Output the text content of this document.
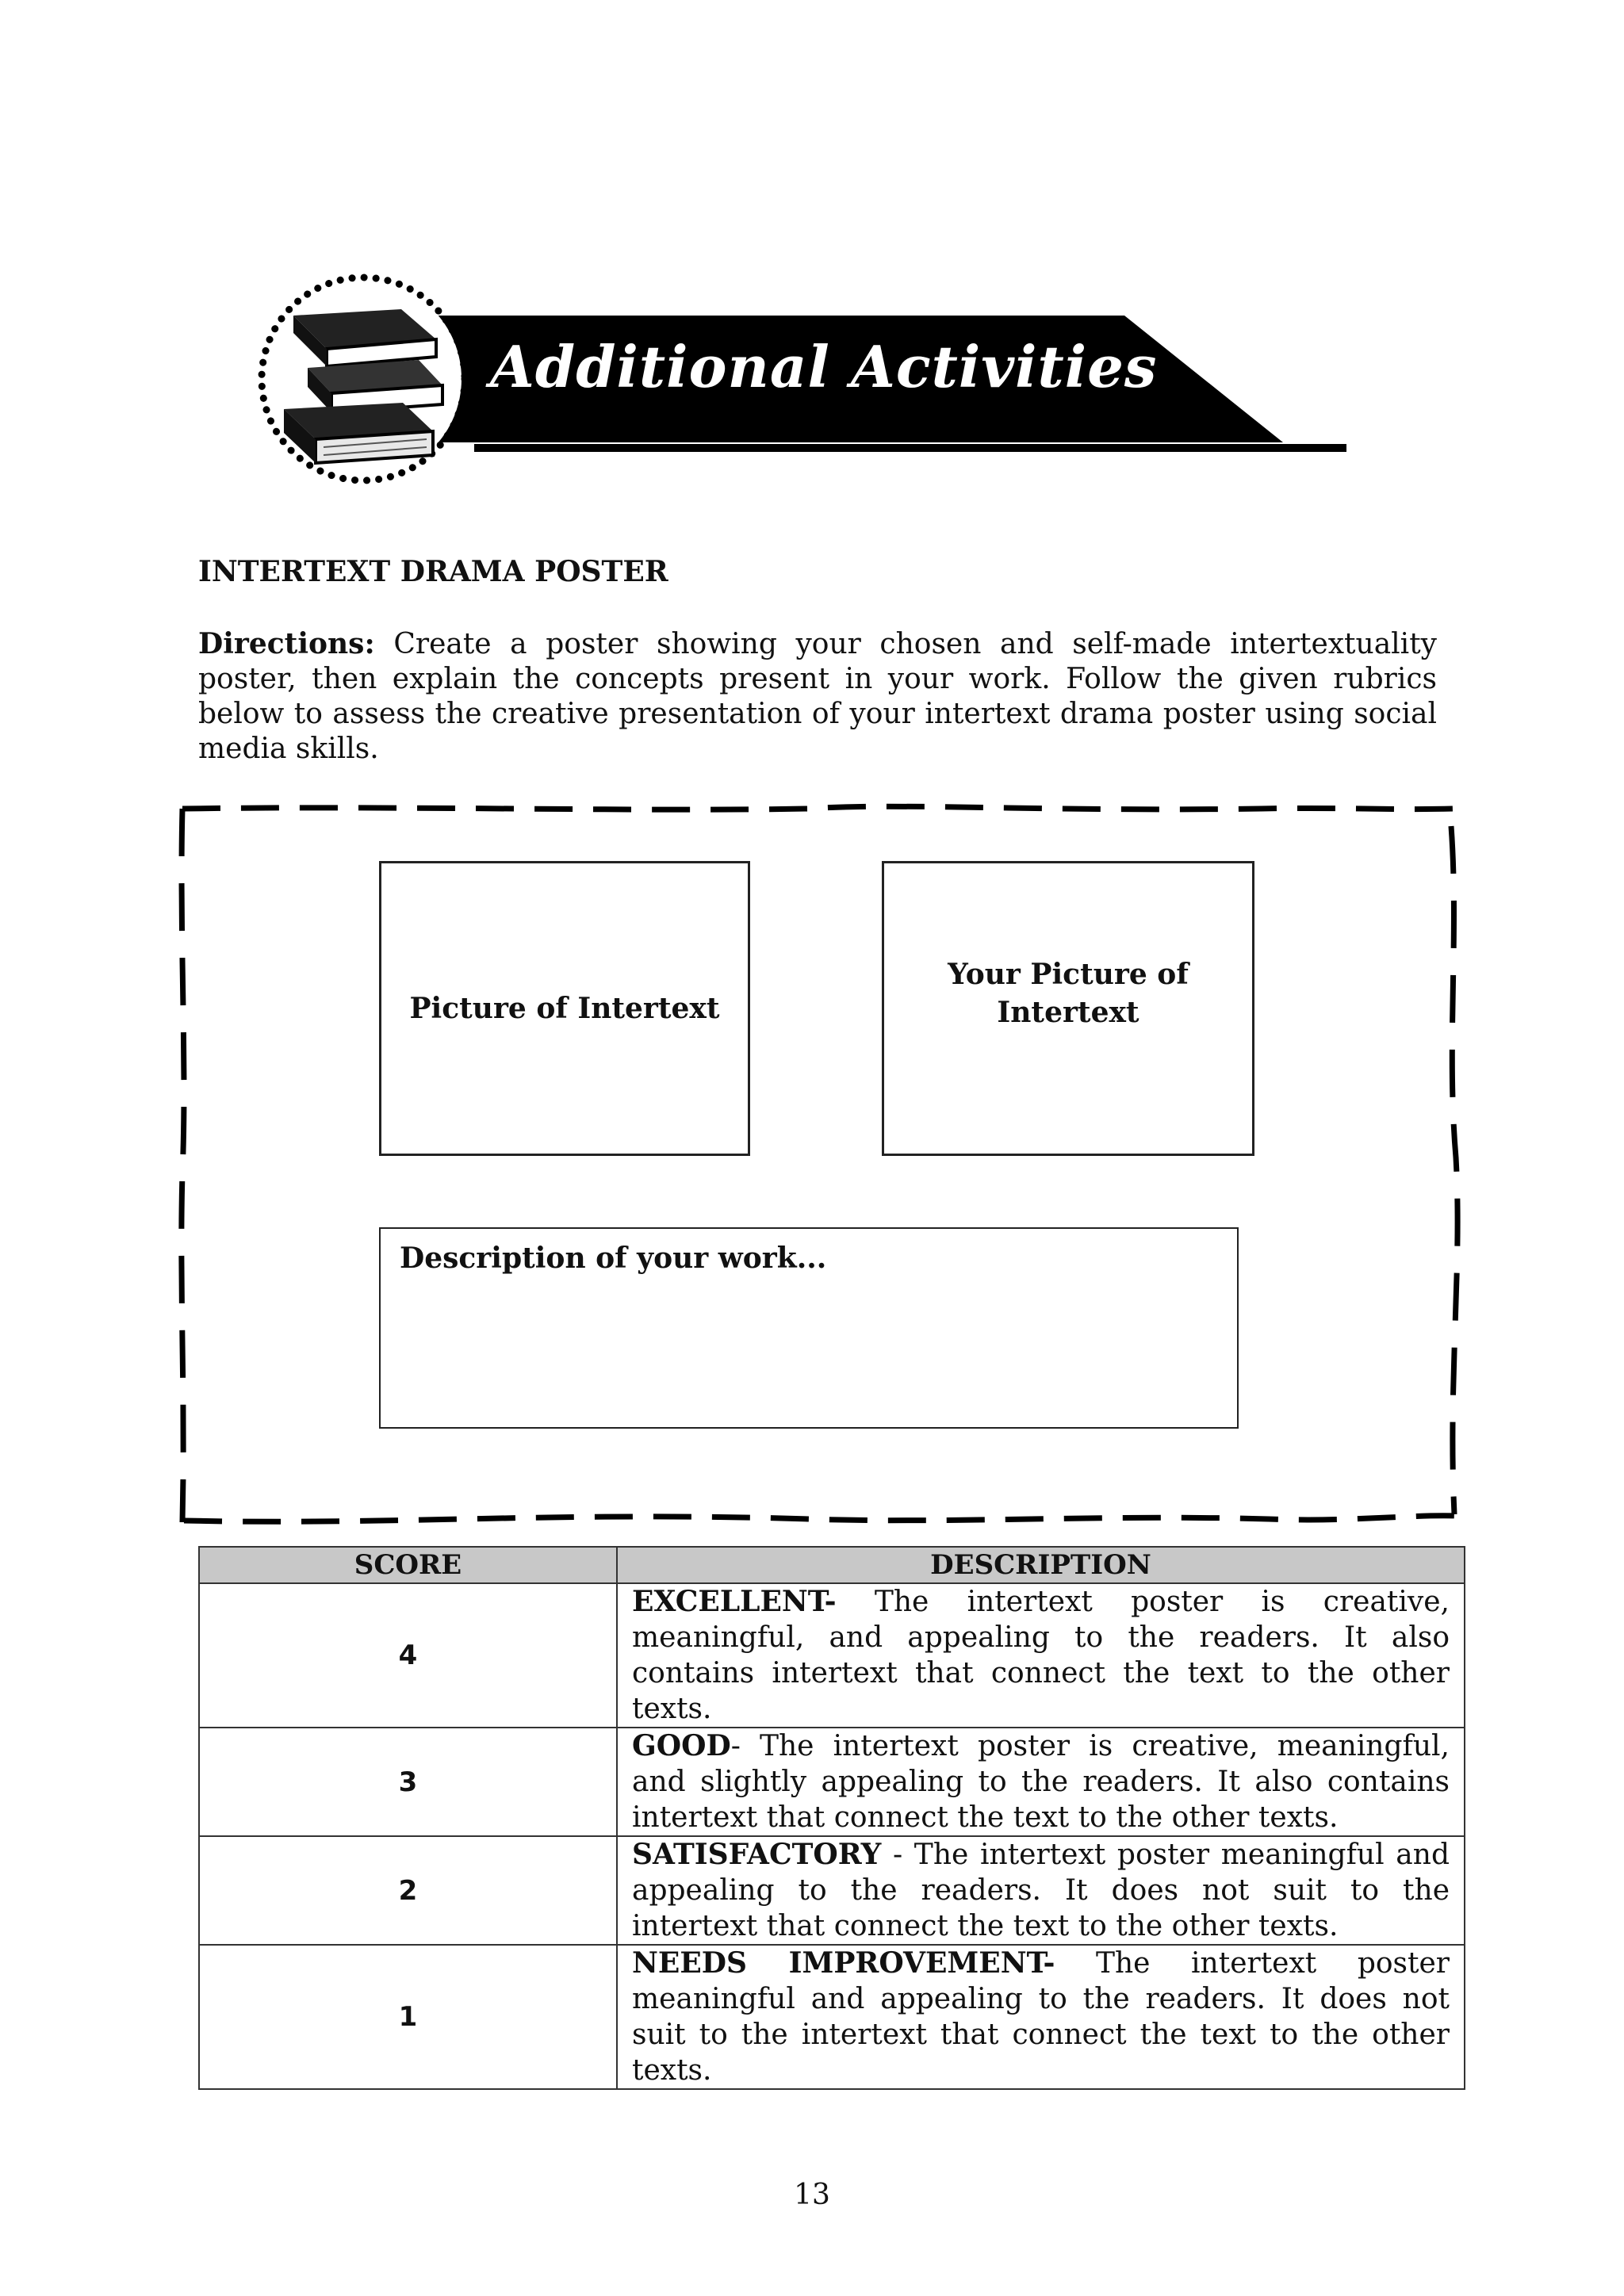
Additional Activities
INTERTEXT DRAMA POSTER
Directions: Create a poster showing your chosen and self-made intertextuality poster, then explain the concepts present in your work. Follow the given rubrics below to assess the creative presentation of your intertext drama poster using social media skills.
Picture of Intertext
Your Picture of Intertext
Description of your work...
SCORE	DESCRIPTION
4	EXCELLENT- The intertext poster is creative, meaningful, and appealing to the readers. It also contains intertext that connect the text to the other texts.
3	GOOD- The intertext poster is creative, meaningful, and slightly appealing to the readers. It also contains intertext that connect the text to the other texts.
2	SATISFACTORY - The intertext poster meaningful and appealing to the readers. It does not suit to the intertext that connect the text to the other texts.
1	NEEDS IMPROVEMENT- The intertext poster meaningful and appealing to the readers. It does not suit to the intertext that connect the text to the other texts.
13
